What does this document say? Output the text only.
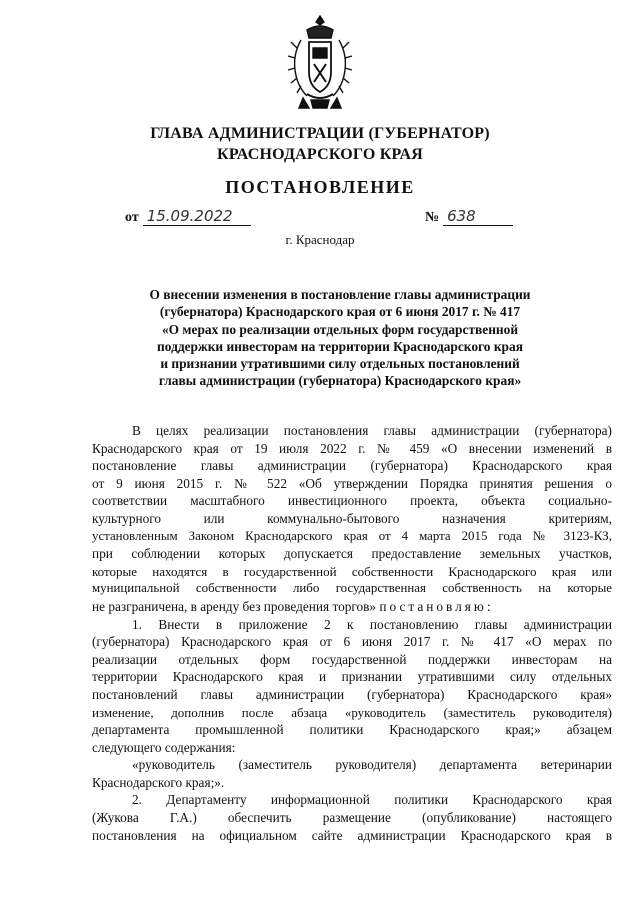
ГЛАВА АДМИНИСТРАЦИИ (ГУБЕРНАТОР)
КРАСНОДАРСКОГО КРАЯ
ПОСТАНОВЛЕНИЕ
от 15.09.2022	№ 638
г. Краснодар
О внесении изменения в постановление главы администрации
(губернатора) Краснодарского края от 6 июня 2017 г. № 417
«О мерах по реализации отдельных форм государственной
поддержки инвесторам на территории Краснодарского края
и признании утратившими силу отдельных постановлений
главы администрации (губернатора) Краснодарского края»
В целях реализации постановления главы администрации (губернатора)
Краснодарского края от 19 июля 2022 г. № 459 «О внесении изменений в
постановление главы администрации (губернатора) Краснодарского края
от 9 июня 2015 г. № 522 «Об утверждении Порядка принятия решения о
соответствии масштабного инвестиционного проекта, объекта социально-
культурного или коммунально-бытового назначения критериям,
установленным Законом Краснодарского края от 4 марта 2015 года № 3123-КЗ,
при соблюдении которых допускается предоставление земельных участков,
которые находятся в государственной собственности Краснодарского края или
муниципальной собственности либо государственная собственность на которые
не разграничена, в аренду без проведения торгов» постановляю:
1. Внести в приложение 2 к постановлению главы администрации
(губернатора) Краснодарского края от 6 июня 2017 г. № 417 «О мерах по
реализации отдельных форм государственной поддержки инвесторам на
территории Краснодарского края и признании утратившими силу отдельных
постановлений главы администрации (губернатора) Краснодарского края»
изменение, дополнив после абзаца «руководитель (заместитель руководителя)
департамента промышленной политики Краснодарского края;» абзацем
следующего содержания:
«руководитель (заместитель руководителя) департамента ветеринарии
Краснодарского края;».
2. Департаменту информационной политики Краснодарского края
(Жукова Г.А.) обеспечить размещение (опубликование) настоящего
постановления на официальном сайте администрации Краснодарского края в
